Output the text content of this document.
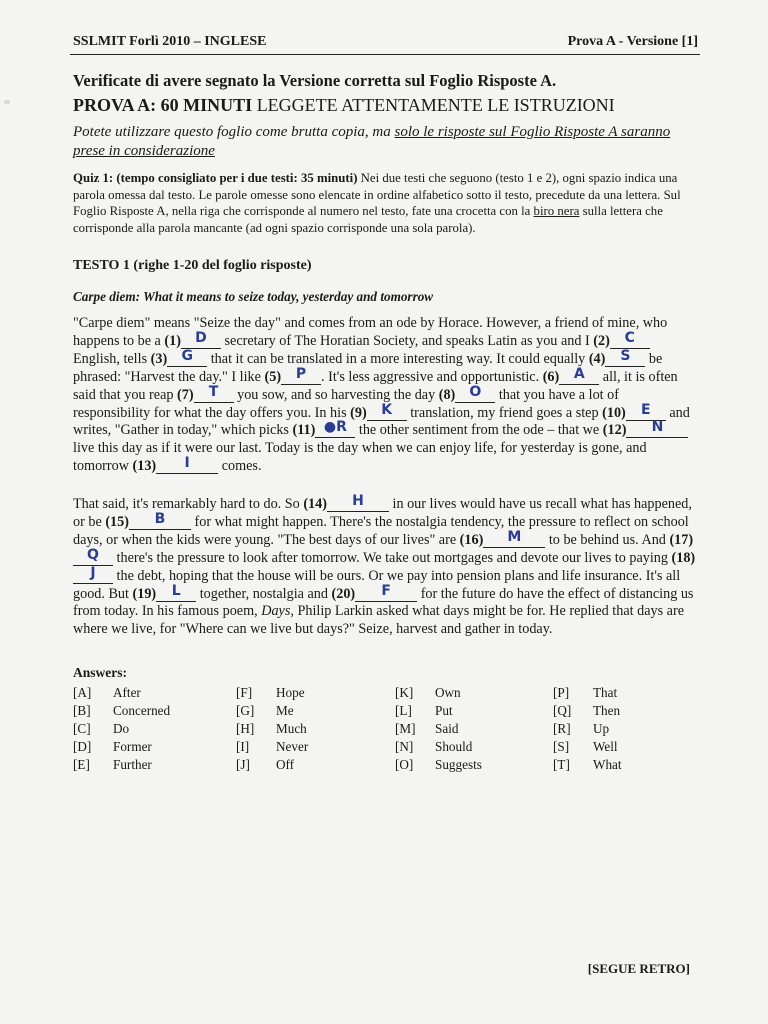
SSLMIT Forlì 2010 – INGLESE	Prova A - Versione [1]
Verificate di avere segnato la Versione corretta sul Foglio Risposte A.
PROVA A: 60 MINUTI LEGGETE ATTENTAMENTE LE ISTRUZIONI
Potete utilizzare questo foglio come brutta copia, ma solo le risposte sul Foglio Risposte A saranno prese in considerazione
Quiz 1: (tempo consigliato per i due testi: 35 minuti) Nei due testi che seguono (testo 1 e 2), ogni spazio indica una parola omessa dal testo. Le parole omesse sono elencate in ordine alfabetico sotto il testo, precedute da una lettera. Sul Foglio Risposte A, nella riga che corrisponde al numero nel testo, fate una crocetta con la biro nera sulla lettera che corrisponde alla parola mancante (ad ogni spazio corrisponde una sola parola).
TESTO 1 (righe 1-20 del foglio risposte)
Carpe diem: What it means to seize today, yesterday and tomorrow

"Carpe diem" means "Seize the day" and comes from an ode by Horace. However, a friend of mine, who happens to be a (1) D secretary of The Horatian Society, and speaks Latin as you and I (2) C English, tells (3) G that it can be translated in a more interesting way. It could equally (4) S be phrased: "Harvest the day." I like (5) P . It's less aggressive and opportunistic. (6) A all, it is often said that you reap (7) T you sow, and so harvesting the day (8) O that you have a lot of responsibility for what the day offers you. In his (9) K translation, my friend goes a step (10) E and writes, "Gather in today," which picks (11) ●R the other sentiment from the ode – that we (12) N live this day as if it were our last. Today is the day when we can enjoy life, for yesterday is gone, and tomorrow (13) I comes.

That said, it's remarkably hard to do. So (14) H in our lives would have us recall what has happened, or be (15) B for what might happen. There's the nostalgia tendency, the pressure to reflect on school days, or when the kids were young. "The best days of our lives" are (16) M to be behind us. And (17)Q there's the pressure to look after tomorrow. We take out mortgages and devote our lives to paying (18)J the debt, hoping that the house will be ours. Or we pay into pension plans and life insurance. It's all good. But (19) L together, nostalgia and (20) F for the future do have the effect of distancing us from today. In his famous poem, Days, Philip Larkin asked what days might be for. He replied that days are where we live, for "Where can we live but days?" Seize, harvest and gather in today.

Answers:
[A] After
[B] Concerned
[C] Do
[D] Former
[E] Further
[F] Hope
[G] Me
[H] Much
[I] Never
[J] Off
[K] Own
[L] Put
[M] Said
[N] Should
[O] Suggests
[P] That
[Q] Then
[R] Up
[S] Well
[T] What
[SEGUE RETRO]
